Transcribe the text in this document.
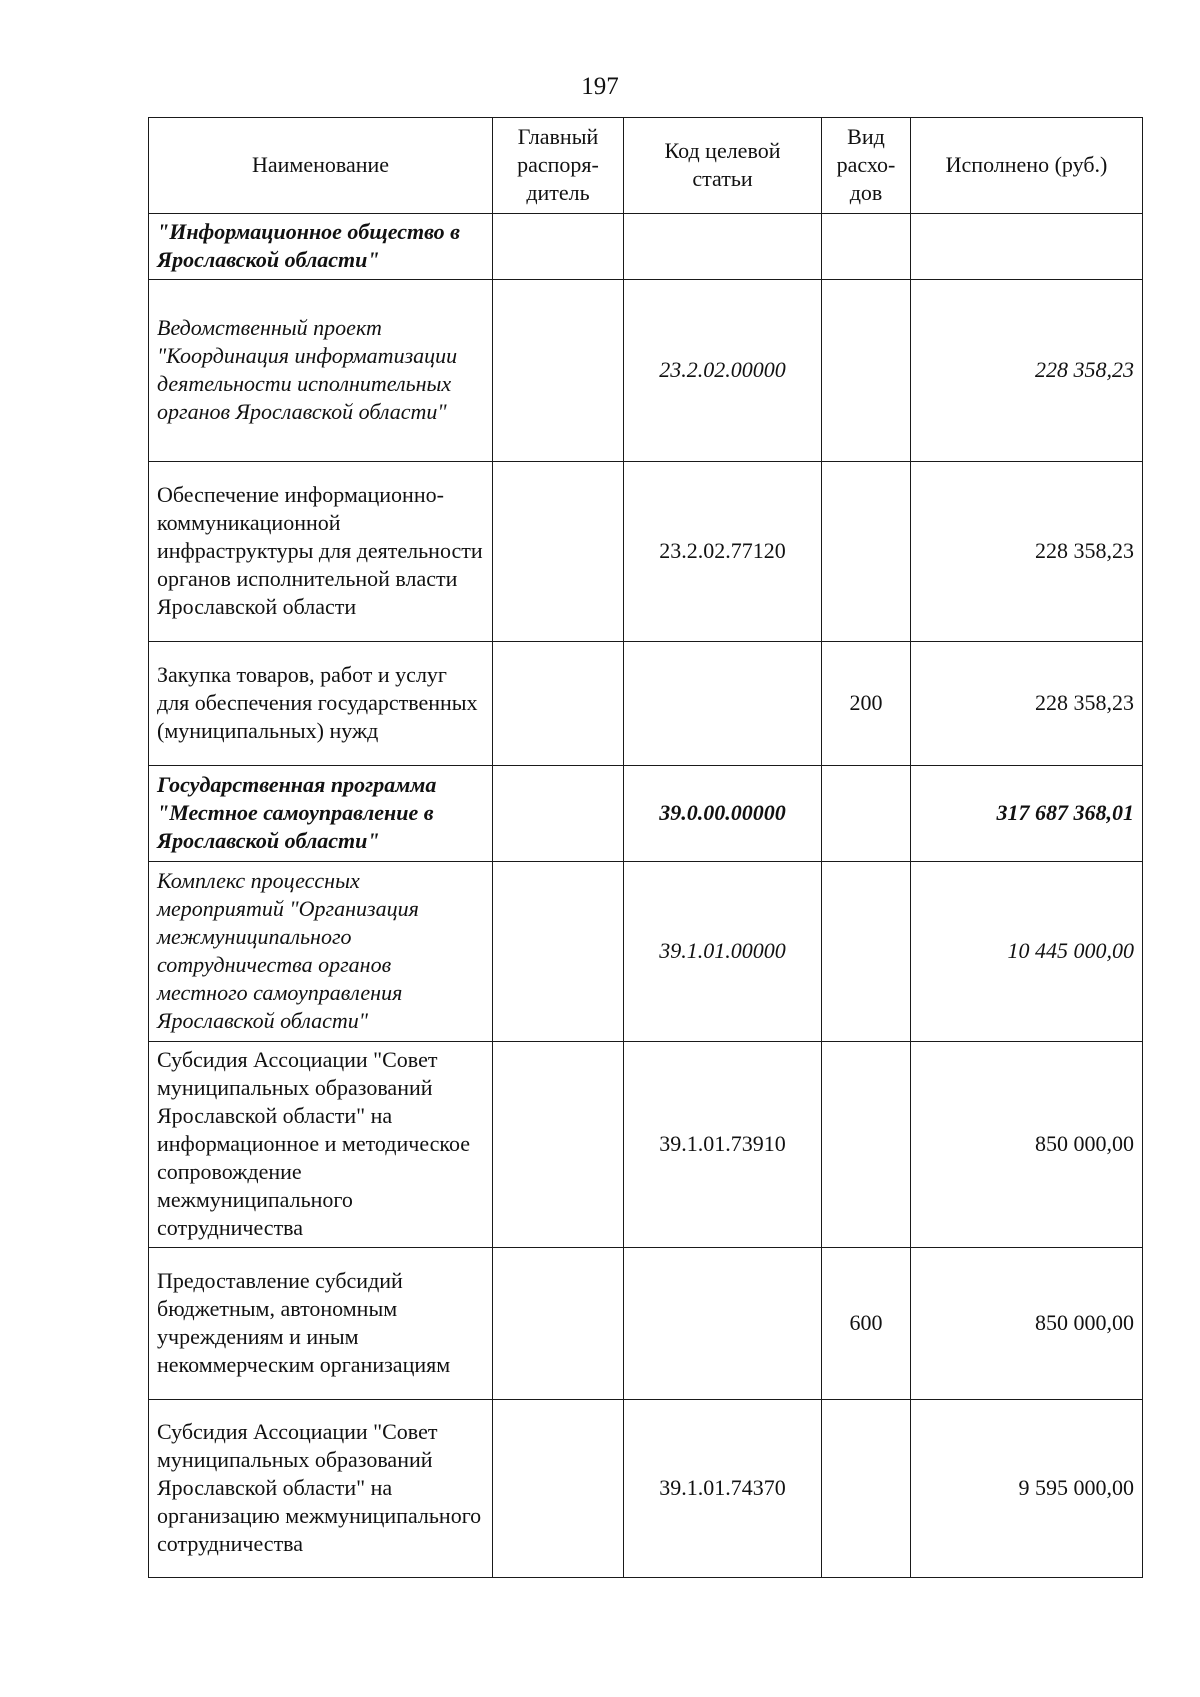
197
Наименование	Главный распоря-дитель	Код целевой статьи	Вид расхо-дов	Исполнено (руб.)
"Информационное общество в Ярославской области"				
Ведомственный проект "Координация информатизации деятельности исполнительных органов Ярославской области"		23.2.02.00000		228 358,23
Обеспечение информационно-коммуникационной инфраструктуры для деятельности органов исполнительной власти Ярославской области		23.2.02.77120		228 358,23
Закупка товаров, работ и услуг для обеспечения государственных (муниципальных) нужд			200	228 358,23
Государственная программа "Местное самоуправление в Ярославской области"		39.0.00.00000		317 687 368,01
Комплекс процессных мероприятий "Организация межмуниципального сотрудничества органов местного самоуправления Ярославской области"		39.1.01.00000		10 445 000,00
Субсидия Ассоциации "Совет муниципальных образований Ярославской области" на информационное и методическое сопровождение межмуниципального сотрудничества		39.1.01.73910		850 000,00
Предоставление субсидий бюджетным, автономным учреждениям и иным некоммерческим организациям			600	850 000,00
Субсидия Ассоциации "Совет муниципальных образований Ярославской области" на организацию межмуниципального сотрудничества		39.1.01.74370		9 595 000,00
